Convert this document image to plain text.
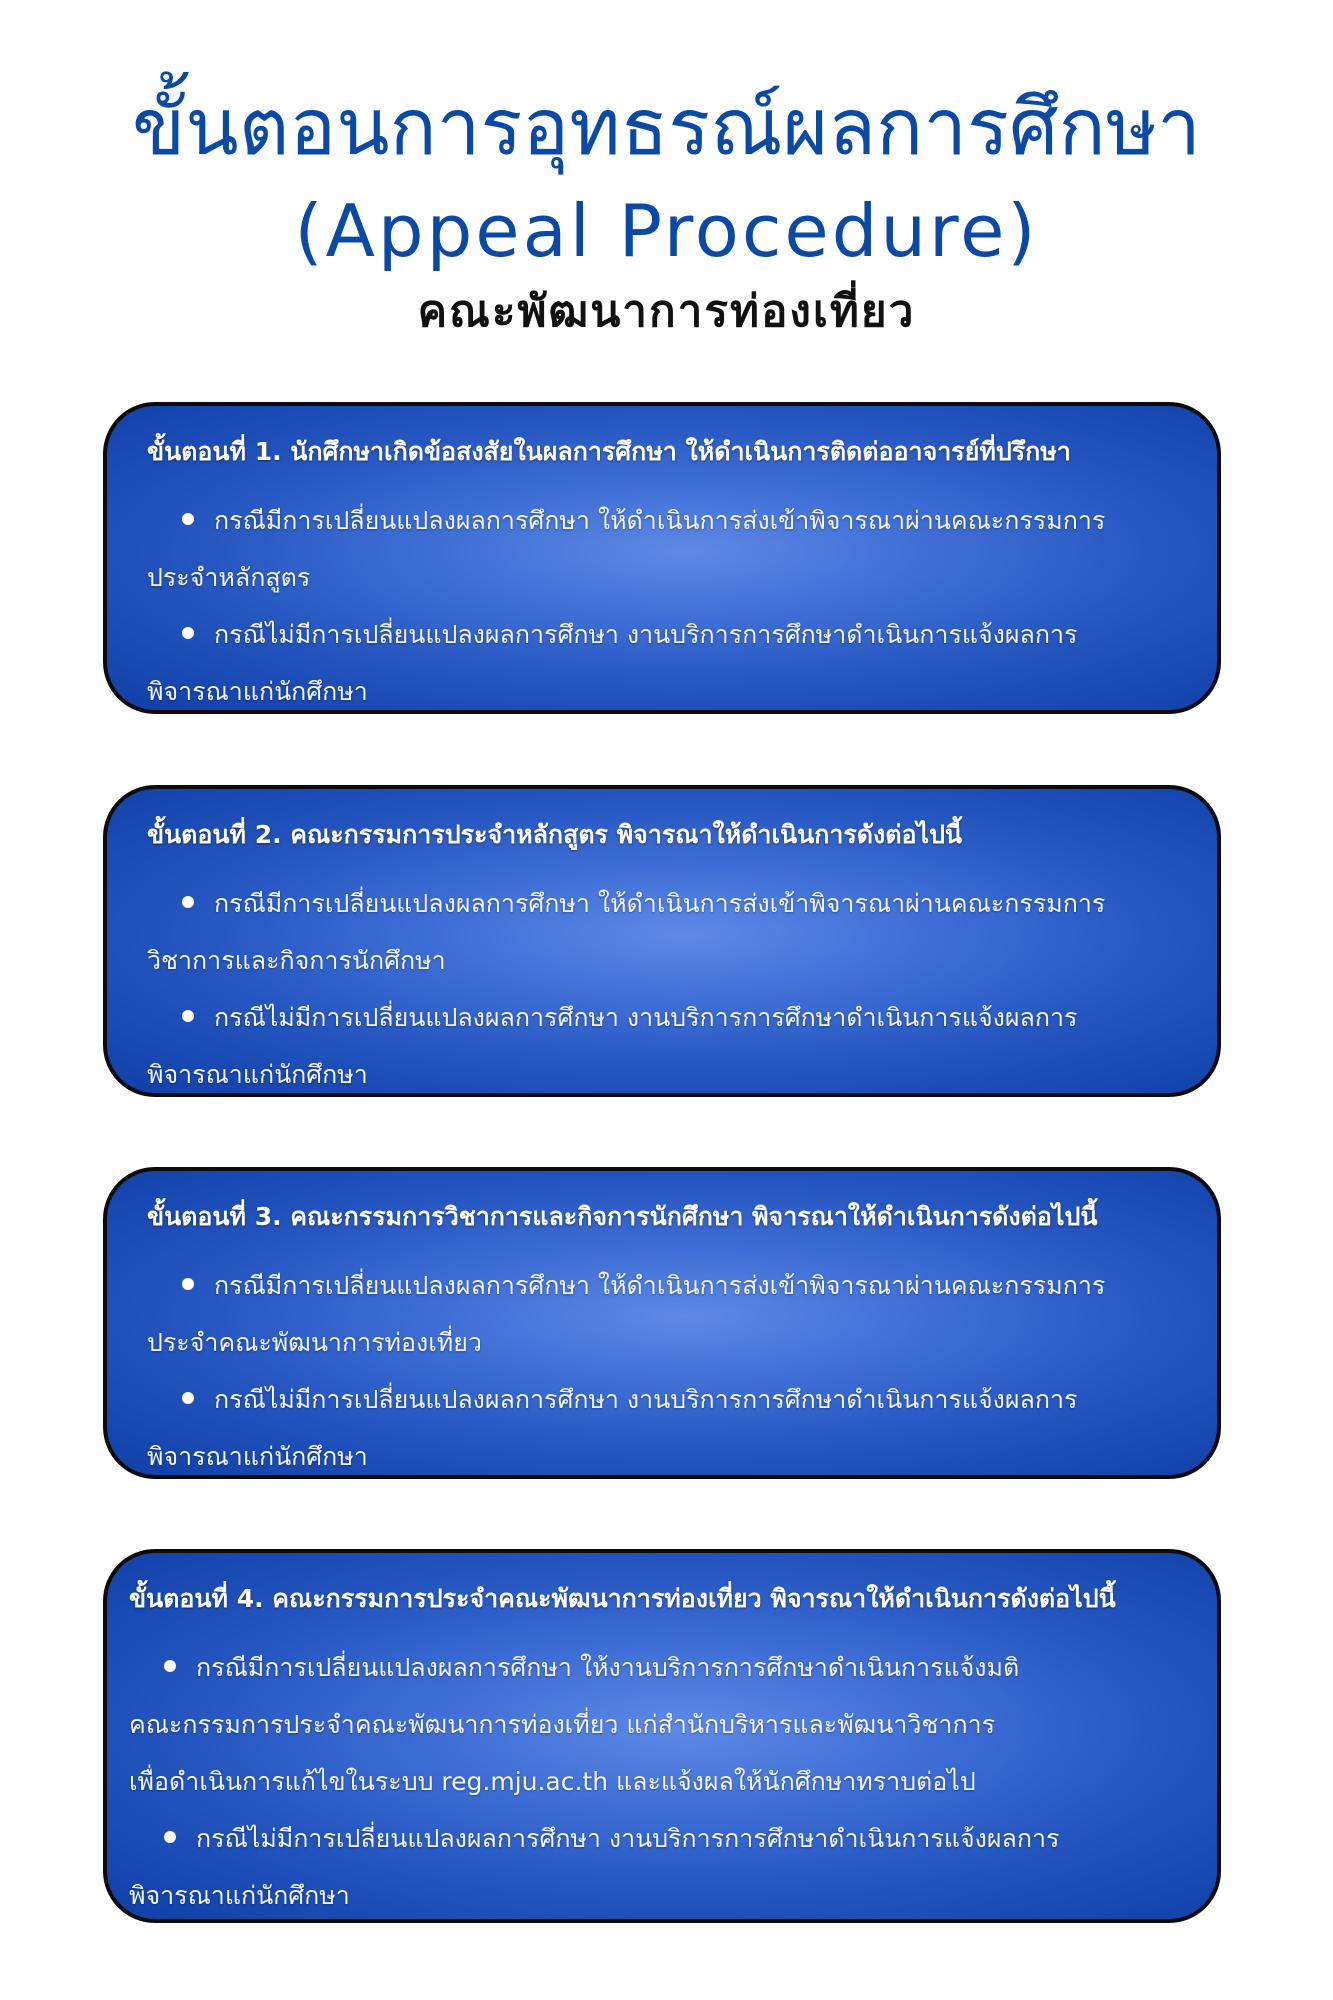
ขั้นตอนการอุทธรณ์ผลการศึกษา
(Appeal Procedure)
คณะพัฒนาการท่องเที่ยว
ขั้นตอนที่ 1. นักศึกษาเกิดข้อสงสัยในผลการศึกษา ให้ดำเนินการติดต่ออาจารย์ที่ปรึกษา
กรณีมีการเปลี่ยนแปลงผลการศึกษา ให้ดำเนินการส่งเข้าพิจารณาผ่านคณะกรรมการ
ประจำหลักสูตร
กรณีไม่มีการเปลี่ยนแปลงผลการศึกษา งานบริการการศึกษาดำเนินการแจ้งผลการ
พิจารณาแก่นักศึกษา
ขั้นตอนที่ 2. คณะกรรมการประจำหลักสูตร พิจารณาให้ดำเนินการดังต่อไปนี้
กรณีมีการเปลี่ยนแปลงผลการศึกษา ให้ดำเนินการส่งเข้าพิจารณาผ่านคณะกรรมการ
วิชาการและกิจการนักศึกษา
กรณีไม่มีการเปลี่ยนแปลงผลการศึกษา งานบริการการศึกษาดำเนินการแจ้งผลการ
พิจารณาแก่นักศึกษา
ขั้นตอนที่ 3. คณะกรรมการวิชาการและกิจการนักศึกษา พิจารณาให้ดำเนินการดังต่อไปนี้
กรณีมีการเปลี่ยนแปลงผลการศึกษา ให้ดำเนินการส่งเข้าพิจารณาผ่านคณะกรรมการ
ประจำคณะพัฒนาการท่องเที่ยว
กรณีไม่มีการเปลี่ยนแปลงผลการศึกษา งานบริการการศึกษาดำเนินการแจ้งผลการ
พิจารณาแก่นักศึกษา
ขั้นตอนที่ 4. คณะกรรมการประจำคณะพัฒนาการท่องเที่ยว พิจารณาให้ดำเนินการดังต่อไปนี้
กรณีมีการเปลี่ยนแปลงผลการศึกษา ให้งานบริการการศึกษาดำเนินการแจ้งมติ
คณะกรรมการประจำคณะพัฒนาการท่องเที่ยว แก่สำนักบริหารและพัฒนาวิชาการ
เพื่อดำเนินการแก้ไขในระบบ reg.mju.ac.th และแจ้งผลให้นักศึกษาทราบต่อไป
กรณีไม่มีการเปลี่ยนแปลงผลการศึกษา งานบริการการศึกษาดำเนินการแจ้งผลการ
พิจารณาแก่นักศึกษา
